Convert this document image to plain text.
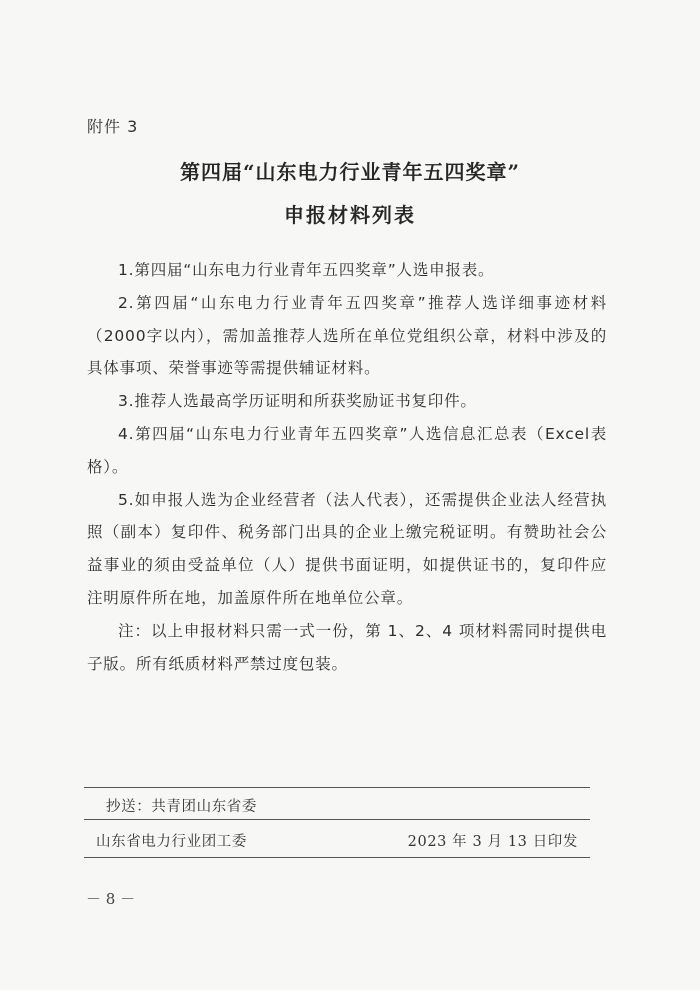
附件 3
第四届“山东电力行业青年五四奖章”
申报材料列表

1.第四届“山东电力行业青年五四奖章”人选申报表。

2.第四届“山东电力行业青年五四奖章”推荐人选详细事迹材料（2000字以内），需加盖推荐人选所在单位党组织公章，材料中涉及的具体事项、荣誉事迹等需提供辅证材料。

3.推荐人选最高学历证明和所获奖励证书复印件。

4.第四届“山东电力行业青年五四奖章”人选信息汇总表（Excel表格）。

5.如申报人选为企业经营者（法人代表），还需提供企业法人经营执照（副本）复印件、税务部门出具的企业上缴完税证明。有赞助社会公益事业的须由受益单位（人）提供书面证明，如提供证书的，复印件应注明原件所在地，加盖原件所在地单位公章。

注：以上申报材料只需一式一份，第 1、2、4 项材料需同时提供电子版。所有纸质材料严禁过度包装。

抄送：共青团山东省委
山东省电力行业团工委	2023 年 3 月 13 日印发
－ 8 －
